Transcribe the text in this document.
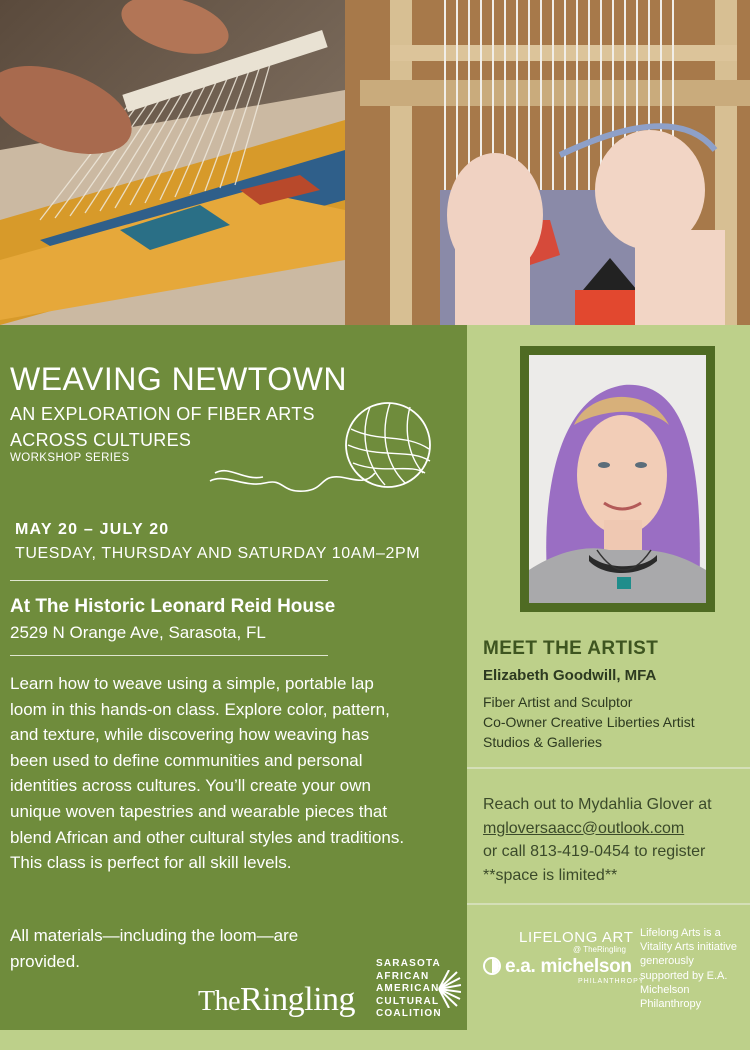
WEAVING NEWTOWN
AN EXPLORATION OF FIBER ARTS ACROSS CULTURES
WORKSHOP SERIES
MAY 20 – JULY 20
TUESDAY, THURSDAY AND SATURDAY 10AM–2PM
At The Historic Leonard Reid House
2529 N Orange Ave, Sarasota, FL

Learn how to weave using a simple, portable lap loom in this hands-on class. Explore color, pattern, and texture, while discovering how weaving has been used to define communities and personal identities across cultures. You’ll create your own unique woven tapestries and wearable pieces that blend African and other cultural styles and traditions. This class is perfect for all skill levels.

All materials—including the loom—are provided.

TheRingling
SARASOTA
AFRICAN
AMERICAN
CULTURAL
COALITION
MEET THE ARTIST
Elizabeth Goodwill, MFA
Fiber Artist and Sculptor
Co-Owner Creative Liberties Artist Studios & Galleries
Reach out to Mydahlia Glover at
mgloversaacc@outlook.com
or call 813-419-0454 to register
**space is limited**
LIFELONG ART
@ TheRingling
e.a. michelson
PHILANTHROPY
Lifelong Arts is a Vitality Arts initiative generously supported by E.A. Michelson Philanthropy
